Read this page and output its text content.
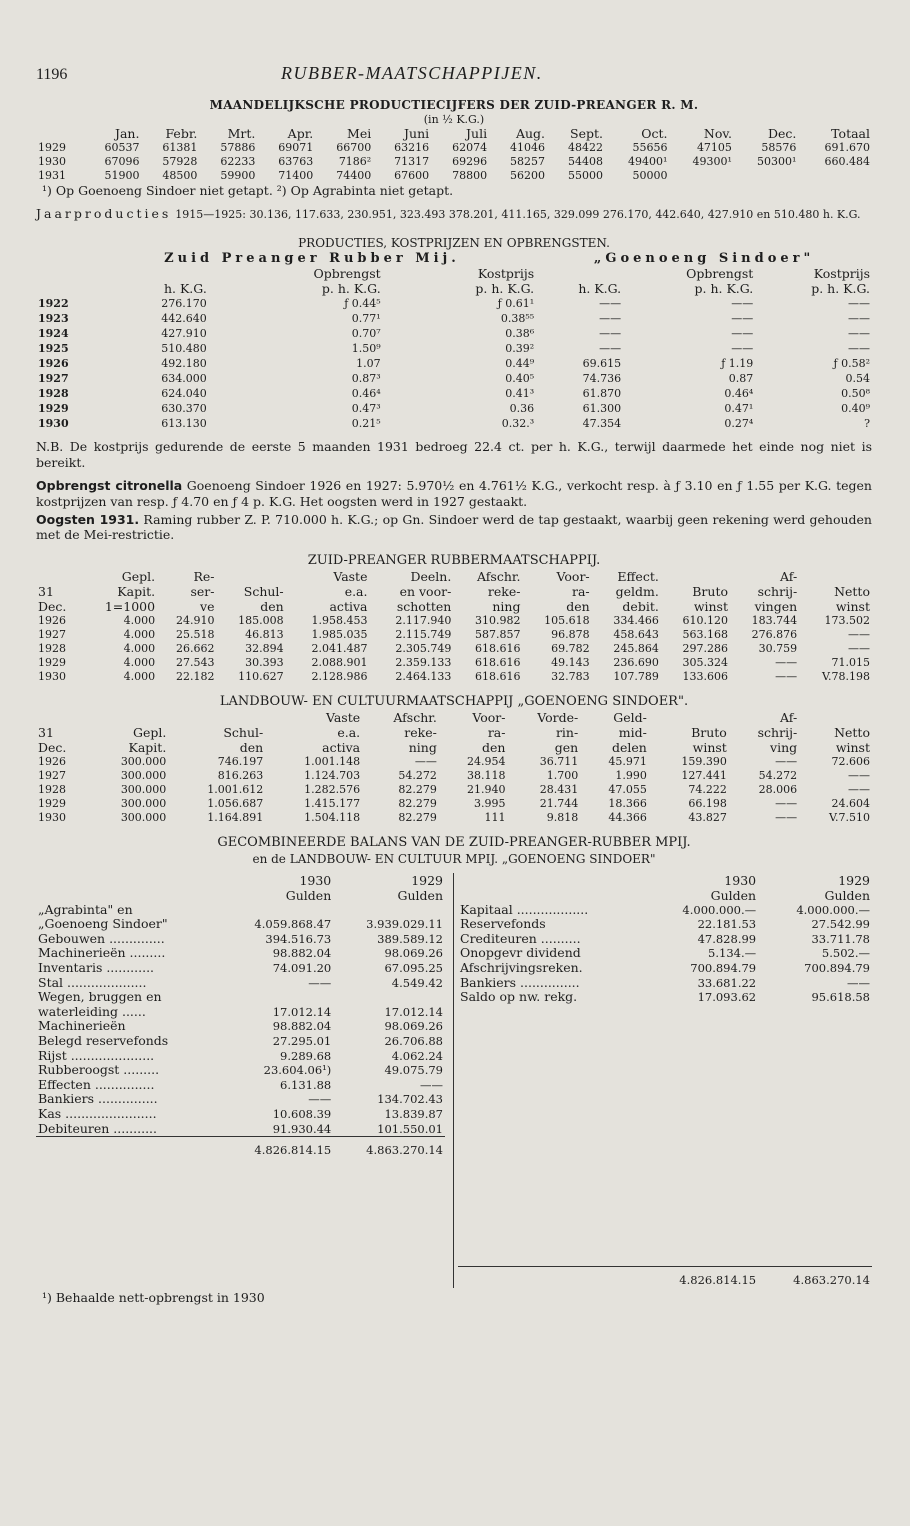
1196	RUBBER-MAATSCHAPPIJEN.
MAANDELIJKSCHE PRODUCTIECIJFERS DER ZUID-PREANGER R. M.
(in ½ K.G.)
	Jan.	Febr.	Mrt.	Apr.	Mei	Juni	Juli	Aug.	Sept.	Oct.	Nov.	Dec.	Totaal
1929	60537	61381	57886	69071	66700	63216	62074	41046	48422	55656	47105	58576	691.670
1930	67096	57928	62233	63763	7186²	71317	69296	58257	54408	49400¹	49300¹	50300¹	660.484
1931	51900	48500	59900	71400	74400	67600	78800	56200	55000	50000			
¹) Op Goenoeng Sindoer niet getapt. ²) Op Agrabinta niet getapt.
Jaarproducties 1915—1925: 30.136, 117.633, 230.951, 323.493 378.201, 411.165, 329.099 276.170, 442.640, 427.910 en 510.480 h. K.G.
PRODUCTIES, KOSTPRIJZEN EN OPBRENGSTEN.
	Zuid Preanger Rubber Mij.			„Goenoeng Sindoer"		
		Opbrengst	Kostprijs		Opbrengst	Kostprijs
	h. K.G.	p. h. K.G.	p. h. K.G.	h. K.G.	p. h. K.G.	p. h. K.G.
1922	276.170	ƒ 0.44⁵	ƒ 0.61¹	——	——	——
1923	442.640	0.77¹	0.38⁵⁵	——	——	——
1924	427.910	0.70⁷	0.38⁶	——	——	——
1925	510.480	1.50⁹	0.39²	——	——	——
1926	492.180	1.07	0.44⁹	69.615	ƒ 1.19	ƒ 0.58²
1927	634.000	0.87³	0.40⁵	74.736	0.87	0.54
1928	624.040	0.46⁴	0.41³	61.870	0.46⁴	0.50⁸
1929	630.370	0.47³	0.36	61.300	0.47¹	0.40⁹
1930	613.130	0.21⁵	0.32.³	47.354	0.27⁴	?
N.B. De kostprijs gedurende de eerste 5 maanden 1931 bedroeg 22.4 ct. per h. K.G., terwijl daarmede het einde nog niet is bereikt.
Opbrengst citronella Goenoeng Sindoer 1926 en 1927: 5.970½ en 4.761½ K.G., verkocht resp. à ƒ 3.10 en ƒ 1.55 per K.G. tegen kostprijzen van resp. ƒ 4.70 en ƒ 4 p. K.G. Het oogsten werd in 1927 gestaakt.
Oogsten 1931. Raming rubber Z. P. 710.000 h. K.G.; op Gn. Sindoer werd de tap gestaakt, waarbij geen rekening werd gehouden met de Mei-restrictie.
ZUID-PREANGER RUBBERMAATSCHAPPIJ.
	Gepl.	Re-		Vaste	Deeln.	Afschr.	Voor-	Effect.		Af-	
31	Kapit.	ser-	Schul-	e.a.	en voor-	reke-	ra-	geldm.	Bruto	schrij-	Netto
Dec.	1=1000	ve	den	activa	schotten	ning	den	debit.	winst	vingen	winst
1926	4.000	24.910	185.008	1.958.453	2.117.940	310.982	105.618	334.466	610.120	183.744	173.502
1927	4.000	25.518	46.813	1.985.035	2.115.749	587.857	96.878	458.643	563.168	276.876	——
1928	4.000	26.662	32.894	2.041.487	2.305.749	618.616	69.782	245.864	297.286	30.759	——
1929	4.000	27.543	30.393	2.088.901	2.359.133	618.616	49.143	236.690	305.324	——	71.015
1930	4.000	22.182	110.627	2.128.986	2.464.133	618.616	32.783	107.789	133.606	——	V.78.198
LANDBOUW- EN CULTUURMAATSCHAPPIJ „GOENOENG SINDOER".
			Vaste	Afschr.	Voor-	Vorde-	Geld-		Af-	
31	Gepl.	Schul-	e.a.	reke-	ra-	rin-	mid-	Bruto	schrij-	Netto
Dec.	Kapit.	den	activa	ning	den	gen	delen	winst	ving	winst
1926	300.000	746.197	1.001.148	——	24.954	36.711	45.971	159.390	——	72.606
1927	300.000	816.263	1.124.703	54.272	38.118	1.700	1.990	127.441	54.272	——
1928	300.000	1.001.612	1.282.576	82.279	21.940	28.431	47.055	74.222	28.006	——
1929	300.000	1.056.687	1.415.177	82.279	3.995	21.744	18.366	66.198	——	24.604
1930	300.000	1.164.891	1.504.118	82.279	111	9.818	44.366	43.827	——	V.7.510
GECOMBINEERDE BALANS VAN DE ZUID-PREANGER-RUBBER MPIJ.
en de LANDBOUW- EN CULTUUR MPIJ. „GOENOENG SINDOER"
	1930	1929
	Gulden	Gulden
„Agrabinta" en		
„Goenoeng Sindoer"	4.059.868.47	3.939.029.11
Gebouwen ..............	394.516.73	389.589.12
Machinerieën .........	98.882.04	98.069.26
Inventaris ............	74.091.20	67.095.25
Stal ....................	——	4.549.42
Wegen, bruggen en		
waterleiding ......	17.012.14	17.012.14
Machinerieën	98.882.04	98.069.26
Belegd reservefonds	27.295.01	26.706.88
Rijst .....................	9.289.68	4.062.24
Rubberoogst .........	23.604.06¹)	49.075.79
Effecten ...............	6.131.88	——
Bankiers ...............	——	134.702.43
Kas .......................	10.608.39	13.839.87
Debiteuren ...........	91.930.44	101.550.01
	4.826.814.15	4.863.270.14
	1930	1929
	Gulden	Gulden
Kapitaal ..................	4.000.000.—	4.000.000.—
Reservefonds	22.181.53	27.542.99
Crediteuren ..........	47.828.99	33.711.78
Onopgevr dividend	5.134.—	5.502.—
Afschrijvingsreken.	700.894.79	700.894.79
Bankiers ...............	33.681.22	——
Saldo op nw. rekg.	17.093.62	95.618.58

	4.826.814.15	4.863.270.14
¹) Behaalde nett-opbrengst in 1930
